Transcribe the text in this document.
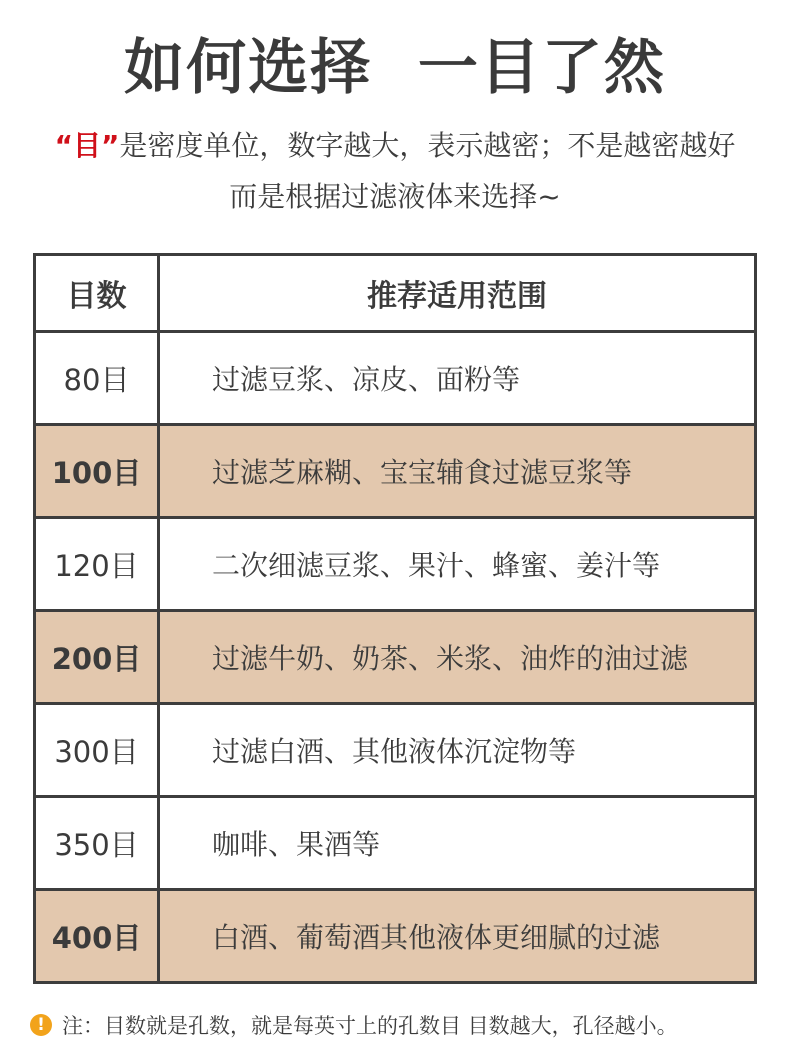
如何选择  一目了然
“目”是密度单位，数字越大，表示越密；不是越密越好
而是根据过滤液体来选择~
目数	推荐适用范围
80目	过滤豆浆、凉皮、面粉等
100目	过滤芝麻糊、宝宝辅食过滤豆浆等
120目	二次细滤豆浆、果汁、蜂蜜、姜汁等
200目	过滤牛奶、奶茶、米浆、油炸的油过滤
300目	过滤白酒、其他液体沉淀物等
350目	咖啡、果酒等
400目	白酒、葡萄酒其他液体更细腻的过滤
! 注：目数就是孔数，就是每英寸上的孔数目 目数越大，孔径越小。
